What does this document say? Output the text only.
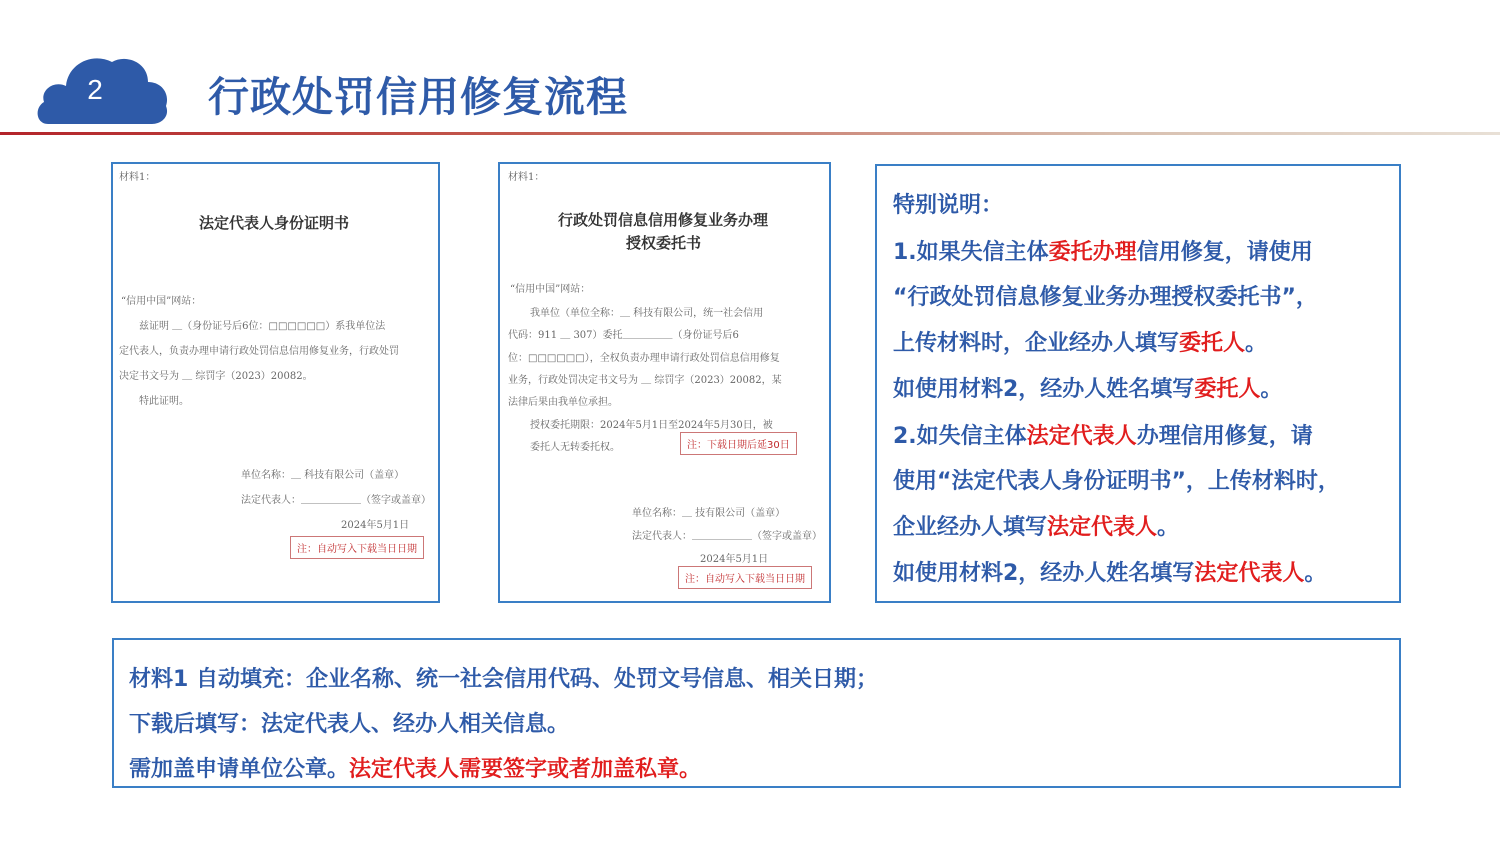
2	行政处罚信用修复流程
材料1：
法定代表人身份证明书
“信用中国”网站：
兹证明 ＿（身份证号后6位：□□□□□□）系我单位法
定代表人，负责办理申请行政处罚信息信用修复业务，行政处罚
决定书文号为 ＿ 综罚字（2023）20082。
特此证明。
单位名称：＿ 科技有限公司（盖章）
法定代表人：＿＿＿＿＿＿（签字或盖章）
2024年5月1日
注：自动写入下载当日日期
材料1：
行政处罚信息信用修复业务办理
授权委托书
“信用中国”网站：
我单位（单位全称：＿ 科技有限公司，统一社会信用
代码：911 ＿ 307）委托＿＿＿＿＿（身份证号后6
位：□□□□□□），全权负责办理申请行政处罚信息信用修复
业务，行政处罚决定书文号为 ＿ 综罚字（2023）20082，某
法律后果由我单位承担。
授权委托期限：2024年5月1日至2024年5月30日，被
委托人无转委托权。	注：下载日期后延30日
单位名称：＿ 技有限公司（盖章）
法定代表人：＿＿＿＿＿＿（签字或盖章）
2024年5月1日
注：自动写入下载当日日期
特别说明：
1.如果失信主体委托办理信用修复，请使用
“行政处罚信息修复业务办理授权委托书”，
上传材料时，企业经办人填写委托人。
如使用材料2，经办人姓名填写委托人。
2.如失信主体法定代表人办理信用修复，请
使用“法定代表人身份证明书”，上传材料时，
企业经办人填写法定代表人。
如使用材料2，经办人姓名填写法定代表人。
材料1 自动填充：企业名称、统一社会信用代码、处罚文号信息、相关日期；
下载后填写：法定代表人、经办人相关信息。
需加盖申请单位公章。法定代表人需要签字或者加盖私章。
